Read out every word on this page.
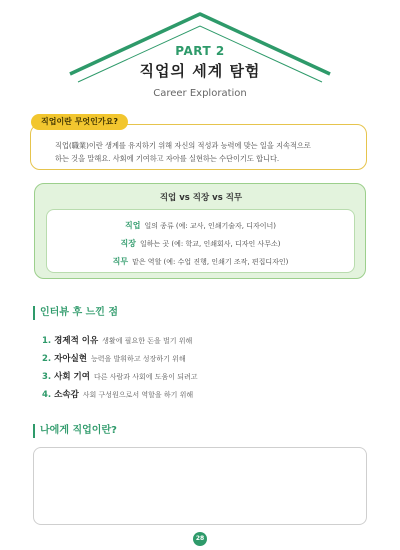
PART 2
직업의 세계 탐험
Career Exploration
직업(職業)이란 생계를 유지하기 위해 자신의 적성과 능력에 맞는 일을 지속적으로
하는 것을 말해요. 사회에 기여하고 자아를 실현하는 수단이기도 합니다.
직업이란 무엇인가요?
직업 vs 직장 vs 직무
직업 일의 종류 (예: 교사, 인쇄기술자, 디자이너)
직장 일하는 곳 (예: 학교, 인쇄회사, 디자인 사무소)
직무 맡은 역할 (예: 수업 진행, 인쇄기 조작, 편집디자인)
인터뷰 후 느낀 점
1. 경제적 이유 생활에 필요한 돈을 벌기 위해
2. 자아실현 능력을 발휘하고 성장하기 위해
3. 사회 기여 다른 사람과 사회에 도움이 되려고
4. 소속감 사회 구성원으로서 역할을 하기 위해
나에게 직업이란?
28
